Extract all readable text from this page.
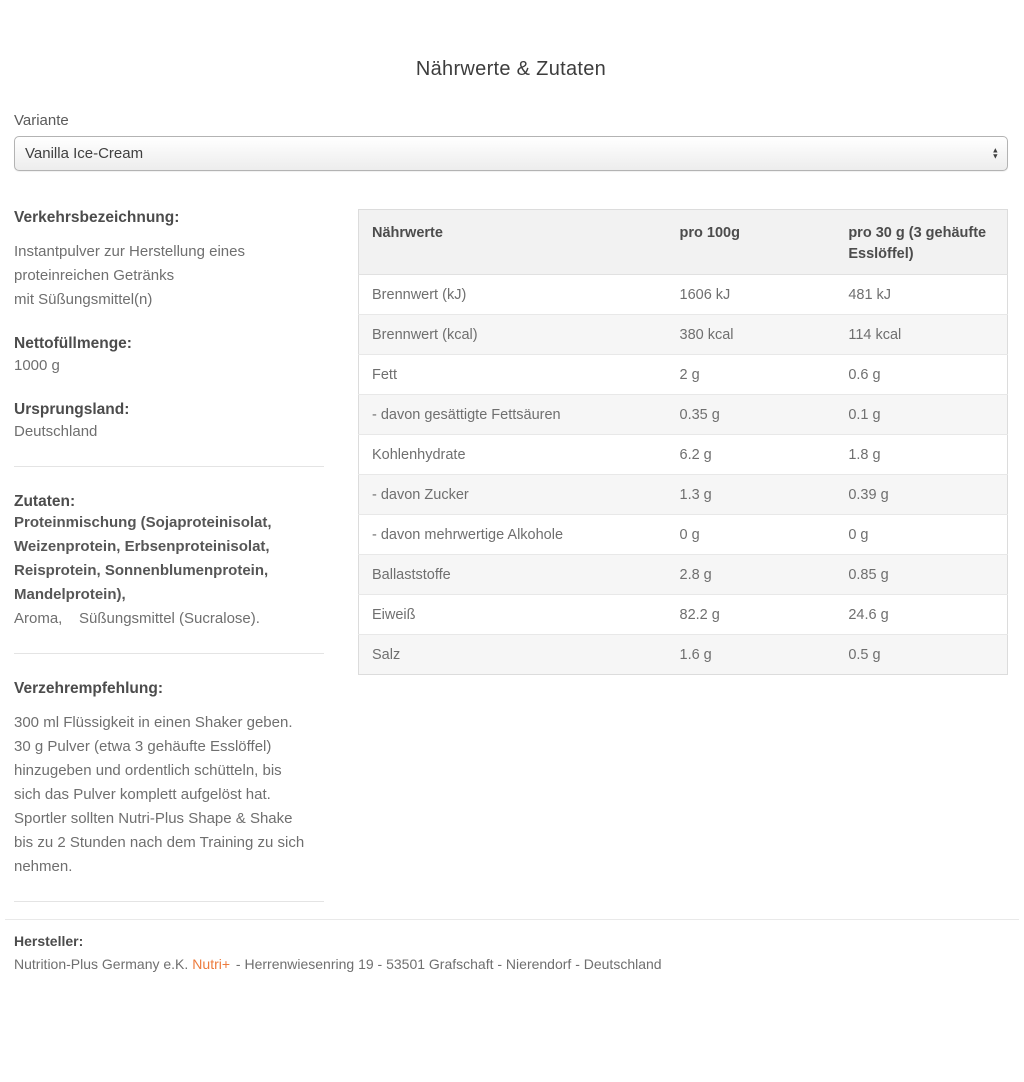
Nährwerte & Zutaten
Variante
Vanilla Ice-Cream
▲
▼
Verkehrsbezeichnung:
Instantpulver zur Herstellung eines
proteinreichen Getränks
mit Süßungsmittel(n)
Nettofüllmenge:
1000 g
Ursprungsland:
Deutschland
Zutaten:
Proteinmischung (Sojaproteinisolat,
Weizenprotein, Erbsenproteinisolat,
Reisprotein, Sonnenblumenprotein,
Mandelprotein),
Aroma,    Süßungsmittel (Sucralose).
Verzehrempfehlung:
300 ml Flüssigkeit in einen Shaker geben.
30 g Pulver (etwa 3 gehäufte Esslöffel)
hinzugeben und ordentlich schütteln, bis
sich das Pulver komplett aufgelöst hat.
Sportler sollten Nutri-Plus Shape & Shake
bis zu 2 Stunden nach dem Training zu sich
nehmen.
Nährwerte	pro 100g	pro 30 g (3 gehäufte Esslöffel)
Brennwert (kJ)	1606 kJ	481 kJ
Brennwert (kcal)	380 kcal	114 kcal
Fett	2 g	0.6 g
- davon gesättigte Fettsäuren	0.35 g	0.1 g
Kohlenhydrate	6.2 g	1.8 g
- davon Zucker	1.3 g	0.39 g
- davon mehrwertige Alkohole	0 g	0 g
Ballaststoffe	2.8 g	0.85 g
Eiweiß	82.2 g	24.6 g
Salz	1.6 g	0.5 g
Hersteller:
Nutrition-Plus Germany e.K. Nutri+ - Herrenwiesenring 19 - 53501 Grafschaft - Nierendorf - Deutschland
